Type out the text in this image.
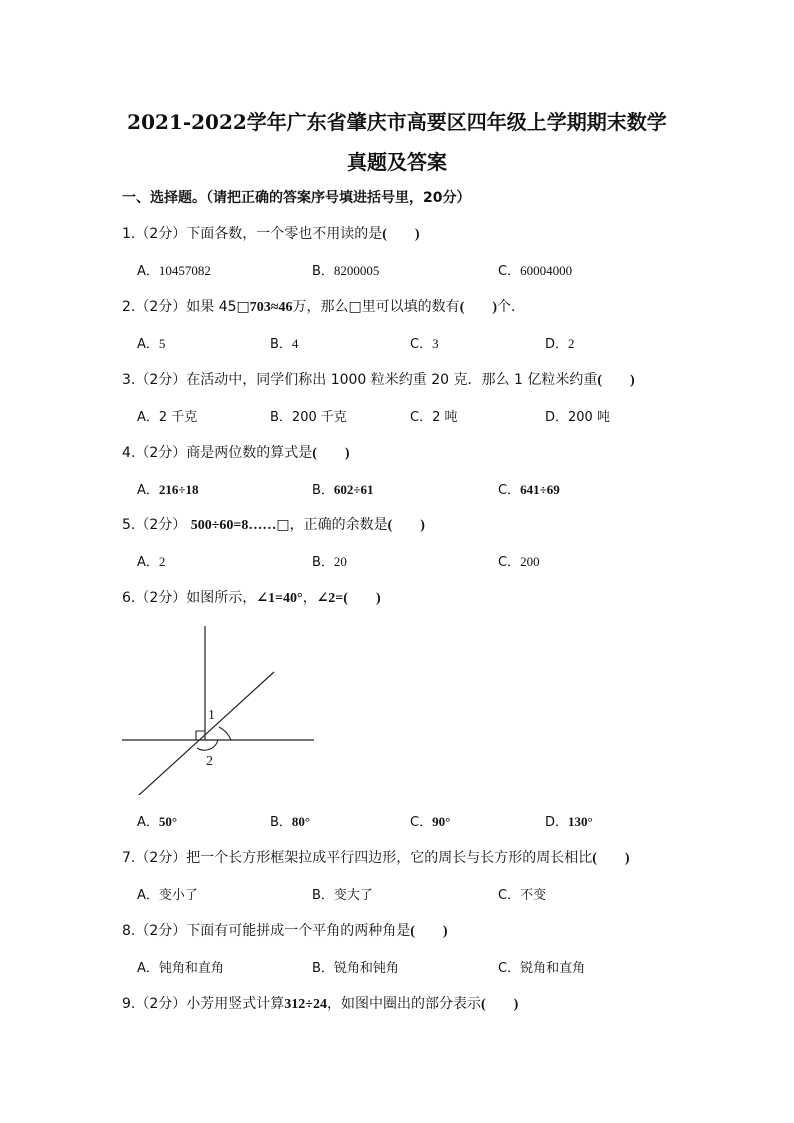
2021-2022学年广东省肇庆市高要区四年级上学期期末数学
真题及答案
一、选择题。（请把正确的答案序号填进括号里，20分）
1.（2分）下面各数，一个零也不用读的是(　　)
A．10457082	B．8200005	C．60004000
2.（2分）如果 45□703≈46万，那么□里可以填的数有(　　)个．
A．5	B．4	C．3	D．2
3.（2分）在活动中，同学们称出 1000 粒米约重 20 克．那么 1 亿粒米约重(　　)
A．2 千克	B．200 千克	C．2 吨	D．200 吨
4.（2分）商是两位数的算式是(　　)
A．216÷18	B．602÷61	C．641÷69
5.（2分） 500÷60=8……□，正确的余数是(　　)
A．2	B．20	C．200
6.（2分）如图所示，∠1=40°，∠2=(　　)
1
2
A．50°	B．80°	C．90°	D．130°
7.（2分）把一个长方形框架拉成平行四边形，它的周长与长方形的周长相比(　　)
A．变小了	B．变大了	C．不变
8.（2分）下面有可能拼成一个平角的两种角是(　　)
A．钝角和直角	B．锐角和钝角	C．锐角和直角
9.（2分）小芳用竖式计算312÷24，如图中圈出的部分表示(　　)
